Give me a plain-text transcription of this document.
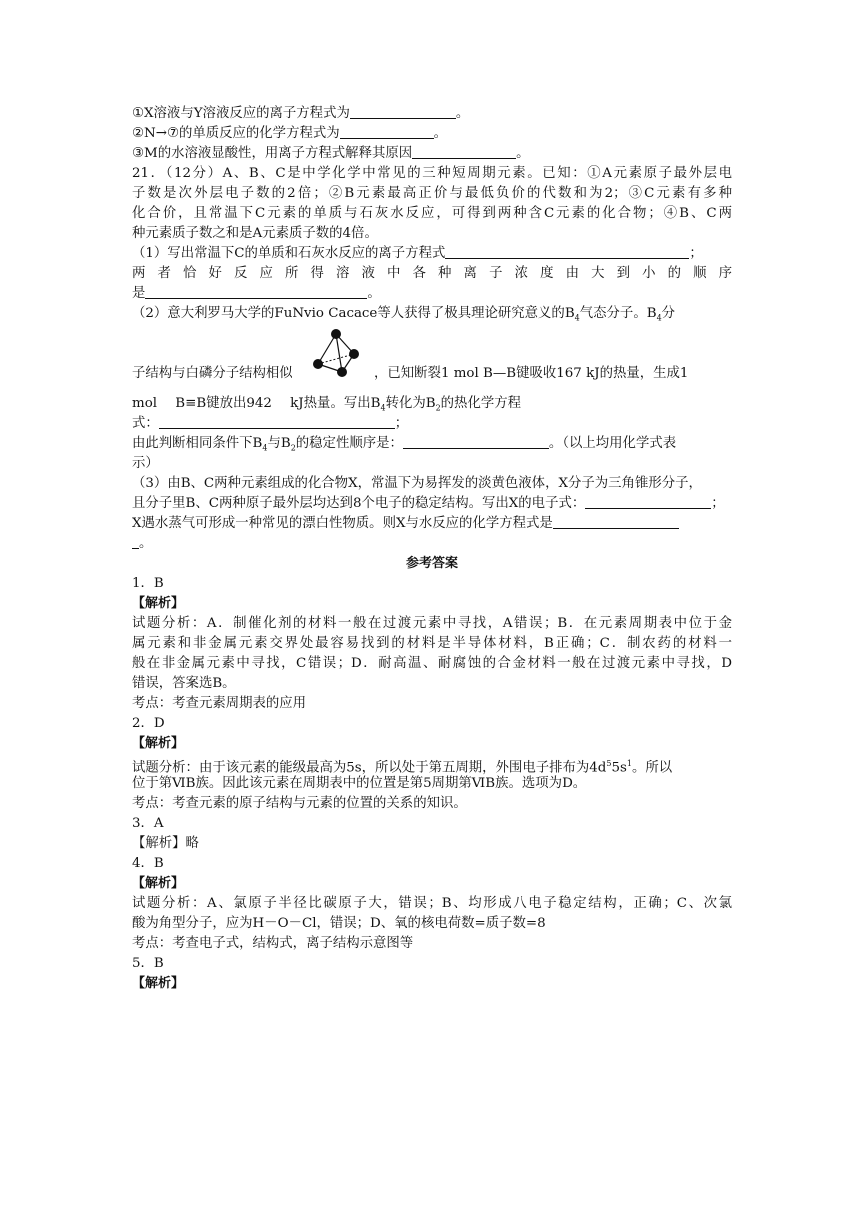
①X溶液与Y溶液反应的离子方程式为	。
②N→⑦的单质反应的化学方程式为	。
③M的水溶液显酸性，用离子方程式解释其原因	。
21．（12分）A、B、C是中学化学中常见的三种短周期元素。已知：①A元素原子最外层电
子数是次外层电子数的2倍；②B元素最高正价与最低负价的代数和为2；③C元素有多种
化合价，且常温下C元素的单质与石灰水反应，可得到两种含C元素的化合物；④B、C两
种元素质子数之和是A元素质子数的4倍。
（1）写出常温下C的单质和石灰水反应的离子方程式	；
两者恰好反应所得溶液中各种离子浓度由大到小的顺序
是	。
（2）意大利罗马大学的FuNvio Cacace等人获得了极具理论研究意义的$B_4$气态分子。$B_4$分
子结构与白磷分子结构相似	，已知断裂1 mol B—B键吸收167 kJ的热量，生成1
mol B≡B键放出942 kJ热量。写出$B_4$转化为$B_2$的热化学方程
式：	；
由此判断相同条件下$B_4$与$B_2$的稳定性顺序是：	。（以上均用化学式表
示）
（3）由B、C两种元素组成的化合物X，常温下为易挥发的淡黄色液体，X分子为三角锥形分子，
且分子里B、C两种原子最外层均达到8个电子的稳定结构。写出X的电子式：	；
X遇水蒸气可形成一种常见的漂白性物质。则X与水反应的化学方程式是
。
参考答案
1．B
【解析】
试题分析：A．制催化剂的材料一般在过渡元素中寻找，A错误；B．在元素周期表中位于金
属元素和非金属元素交界处最容易找到的材料是半导体材料，B正确；C．制农药的材料一
般在非金属元素中寻找，C错误；D．耐高温、耐腐蚀的合金材料一般在过渡元素中寻找，D
错误，答案选B。
考点：考查元素周期表的应用
2．D
【解析】
试题分析：由于该元素的能级最高为5s，所以处于第五周期，外围电子排布为$4d^55s^1$。所以
位于第ⅥB族。因此该元素在周期表中的位置是第5周期第ⅥB族。选项为D。
考点：考查元素的原子结构与元素的位置的关系的知识。
3．A
【解析】略
4．B
【解析】
试题分析：A、氯原子半径比碳原子大，错误；B、均形成八电子稳定结构，正确；C、次氯
酸为角型分子，应为H－O－Cl，错误；D、氧的核电荷数=质子数=8
考点：考查电子式，结构式，离子结构示意图等
5．B
【解析】
